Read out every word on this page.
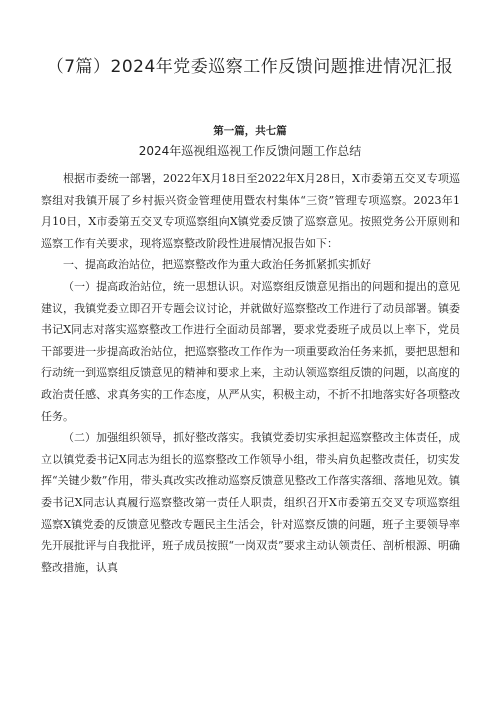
（7篇）2024年党委巡察工作反馈问题推进情况汇报
第一篇，共七篇
2024年巡视组巡视工作反馈问题工作总结

根据市委统一部署，2022年X月18日至2022年X月28日，X市委第五交叉专项巡察组对我镇开展了乡村振兴资金管理使用暨农村集体“三资”管理专项巡察。2023年1月10日，X市委第五交叉专项巡察组向X镇党委反馈了巡察意见。按照党务公开原则和巡察工作有关要求，现将巡察整改阶段性进展情况报告如下：

一、提高政治站位，把巡察整改作为重大政治任务抓紧抓实抓好

（一）提高政治站位，统一思想认识。对巡察组反馈意见指出的问题和提出的意见建议，我镇党委立即召开专题会议讨论，并就做好巡察整改工作进行了动员部署。镇委书记X同志对落实巡察整改工作进行全面动员部署，要求党委班子成员以上率下，党员干部要进一步提高政治站位，把巡察整改工作作为一项重要政治任务来抓，要把思想和行动统一到巡察组反馈意见的精神和要求上来，主动认领巡察组反馈的问题，以高度的政治责任感、求真务实的工作态度，从严从实，积极主动，不折不扣地落实好各项整改任务。

（二）加强组织领导，抓好整改落实。我镇党委切实承担起巡察整改主体责任，成立以镇党委书记X同志为组长的巡察整改工作领导小组，带头肩负起整改责任，切实发挥“关键少数”作用，带头真改实改推动巡察反馈意见整改工作落实落细、落地见效。镇委书记X同志认真履行巡察整改第一责任人职责，组织召开X市委第五交叉专项巡察组巡察X镇党委的反馈意见整改专题民主生活会，针对巡察反馈的问题，班子主要领导率先开展批评与自我批评，班子成员按照“一岗双责”要求主动认领责任、剖析根源、明确整改措施，认真
